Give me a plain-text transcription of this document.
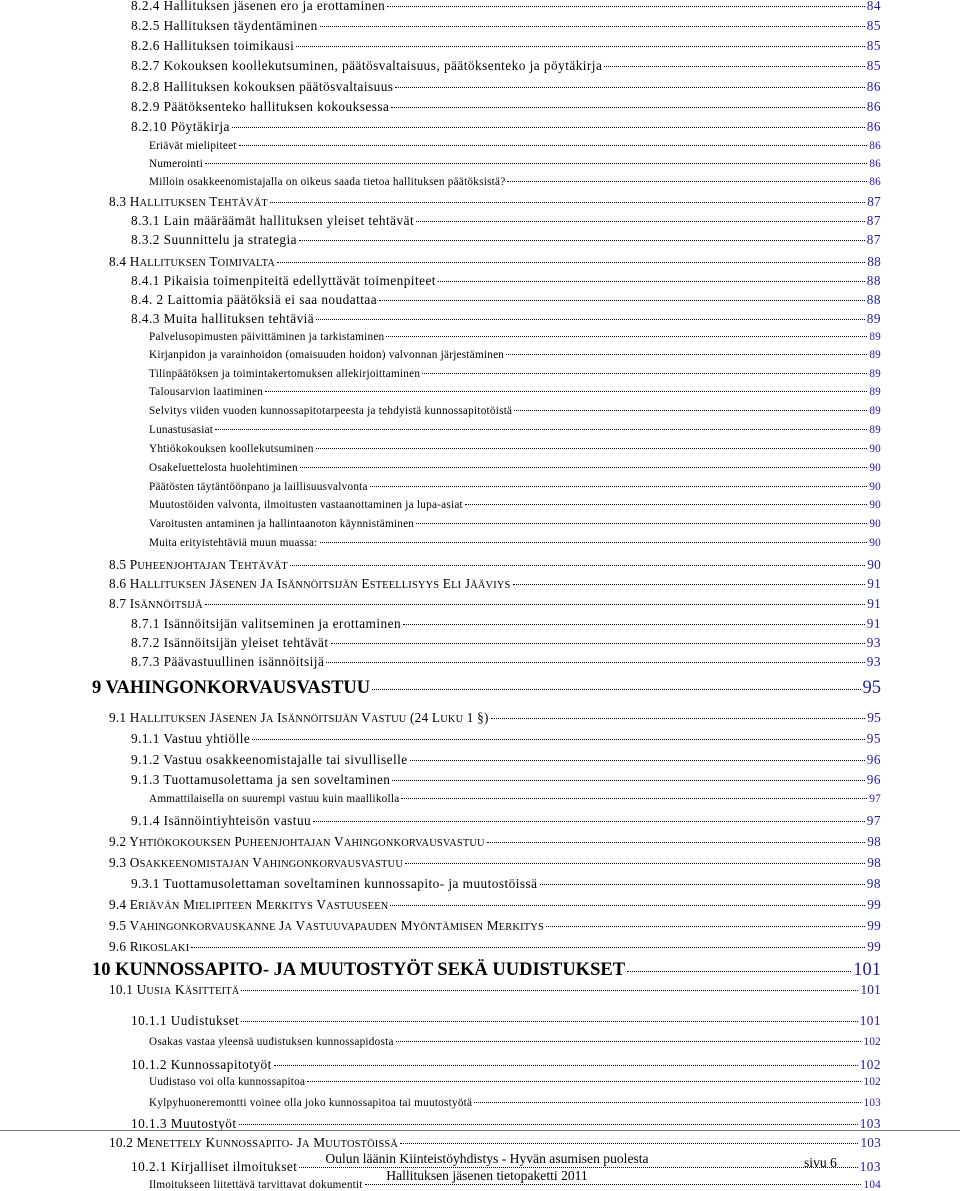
8.2.4 Hallituksen jäsenen ero ja erottaminen	84
8.2.5 Hallituksen täydentäminen	85
8.2.6 Hallituksen toimikausi	85
8.2.7 Kokouksen koollekutsuminen, päätösvaltaisuus, päätöksenteko ja pöytäkirja	85
8.2.8 Hallituksen kokouksen päätösvaltaisuus	86
8.2.9 Päätöksenteko hallituksen kokouksessa	86
8.2.10 Pöytäkirja	86
Eriävät mielipiteet	86
Numerointi	86
Milloin osakkeenomistajalla on oikeus saada tietoa hallituksen päätöksistä?	86
8.3 HALLITUKSEN TEHTÄVÄT	87
8.3.1 Lain määräämät hallituksen yleiset tehtävät	87
8.3.2 Suunnittelu ja strategia	87
8.4 HALLITUKSEN TOIMIVALTA	88
8.4.1 Pikaisia toimenpiteitä edellyttävät toimenpiteet	88
8.4. 2 Laittomia päätöksiä ei saa noudattaa	88
8.4.3 Muita hallituksen tehtäviä	89
Palvelusopimusten päivittäminen ja tarkistaminen	89
Kirjanpidon ja varainhoidon (omaisuuden hoidon) valvonnan järjestäminen	89
Tilinpäätöksen ja toimintakertomuksen allekirjoittaminen	89
Talousarvion laatiminen	89
Selvitys viiden vuoden kunnossapitotarpeesta ja tehdyistä kunnossapitotöistä	89
Lunastusasiat	89
Yhtiökokouksen koollekutsuminen	90
Osakeluettelosta huolehtiminen	90
Päätösten täytäntöönpano ja laillisuusvalvonta	90
Muutostöiden valvonta, ilmoitusten vastaanottaminen ja lupa-asiat	90
Varoitusten antaminen ja hallintaanoton käynnistäminen	90
Muita erityistehtäviä muun muassa:	90
8.5 PUHEENJOHTAJAN TEHTÄVÄT	90
8.6 HALLITUKSEN JÄSENEN JA ISÄNNÖITSIJÄN ESTEELLISYYS ELI JÄÄVIYS	91
8.7 ISÄNNÖITSIJÄ	91
8.7.1 Isännöitsijän valitseminen ja erottaminen	91
8.7.2 Isännöitsijän yleiset tehtävät	93
8.7.3 Päävastuullinen isännöitsijä	93
9 VAHINGONKORVAUSVASTUU	95
9.1 HALLITUKSEN JÄSENEN JA ISÄNNÖITSIJÄN VASTUU (24 LUKU 1 §)	95
9.1.1 Vastuu yhtiölle	95
9.1.2 Vastuu osakkeenomistajalle tai sivulliselle	96
9.1.3 Tuottamusolettama ja sen soveltaminen	96
Ammattilaisella on suurempi vastuu kuin maallikolla	97
9.1.4 Isännöintiyhteisön vastuu	97
9.2 YHTIÖKOKOUKSEN PUHEENJOHTAJAN VAHINGONKORVAUSVASTUU	98
9.3 OSAKKEENOMISTAJAN VAHINGONKORVAUSVASTUU	98
9.3.1 Tuottamusolettaman soveltaminen kunnossapito- ja muutostöissä	98
9.4 ERIÄVÄN MIELIPITEEN MERKITYS VASTUUSEEN	99
9.5 VAHINGONKORVAUSKANNE JA VASTUUVAPAUDEN MYÖNTÄMISEN MERKITYS	99
9.6 RIKOSLAKI	99
10 KUNNOSSAPITO- JA MUUTOSTYÖT SEKÄ UUDISTUKSET	101
10.1 UUSIA KÄSITTEITÄ	101
10.1.1 Uudistukset	101
Osakas vastaa yleensä uudistuksen kunnossapidosta	102
10.1.2 Kunnossapitotyöt	102
Uudistaso voi olla kunnossapitoa	102
Kylpyhuoneremontti voinee olla joko kunnossapitoa tai muutostyötä	103
10.1.3 Muutostyöt	103
10.2 MENETTELY KUNNOSSAPITO- JA MUUTOSTÖISSÄ	103
10.2.1 Kirjalliset ilmoitukset	103
Ilmoitukseen liitettävä tarvittavat dokumentit	104
Oulun läänin Kiinteistöyhdistys - Hyvän asumisen puolesta
Hallituksen jäsenen tietopaketti 2011
sivu 6
